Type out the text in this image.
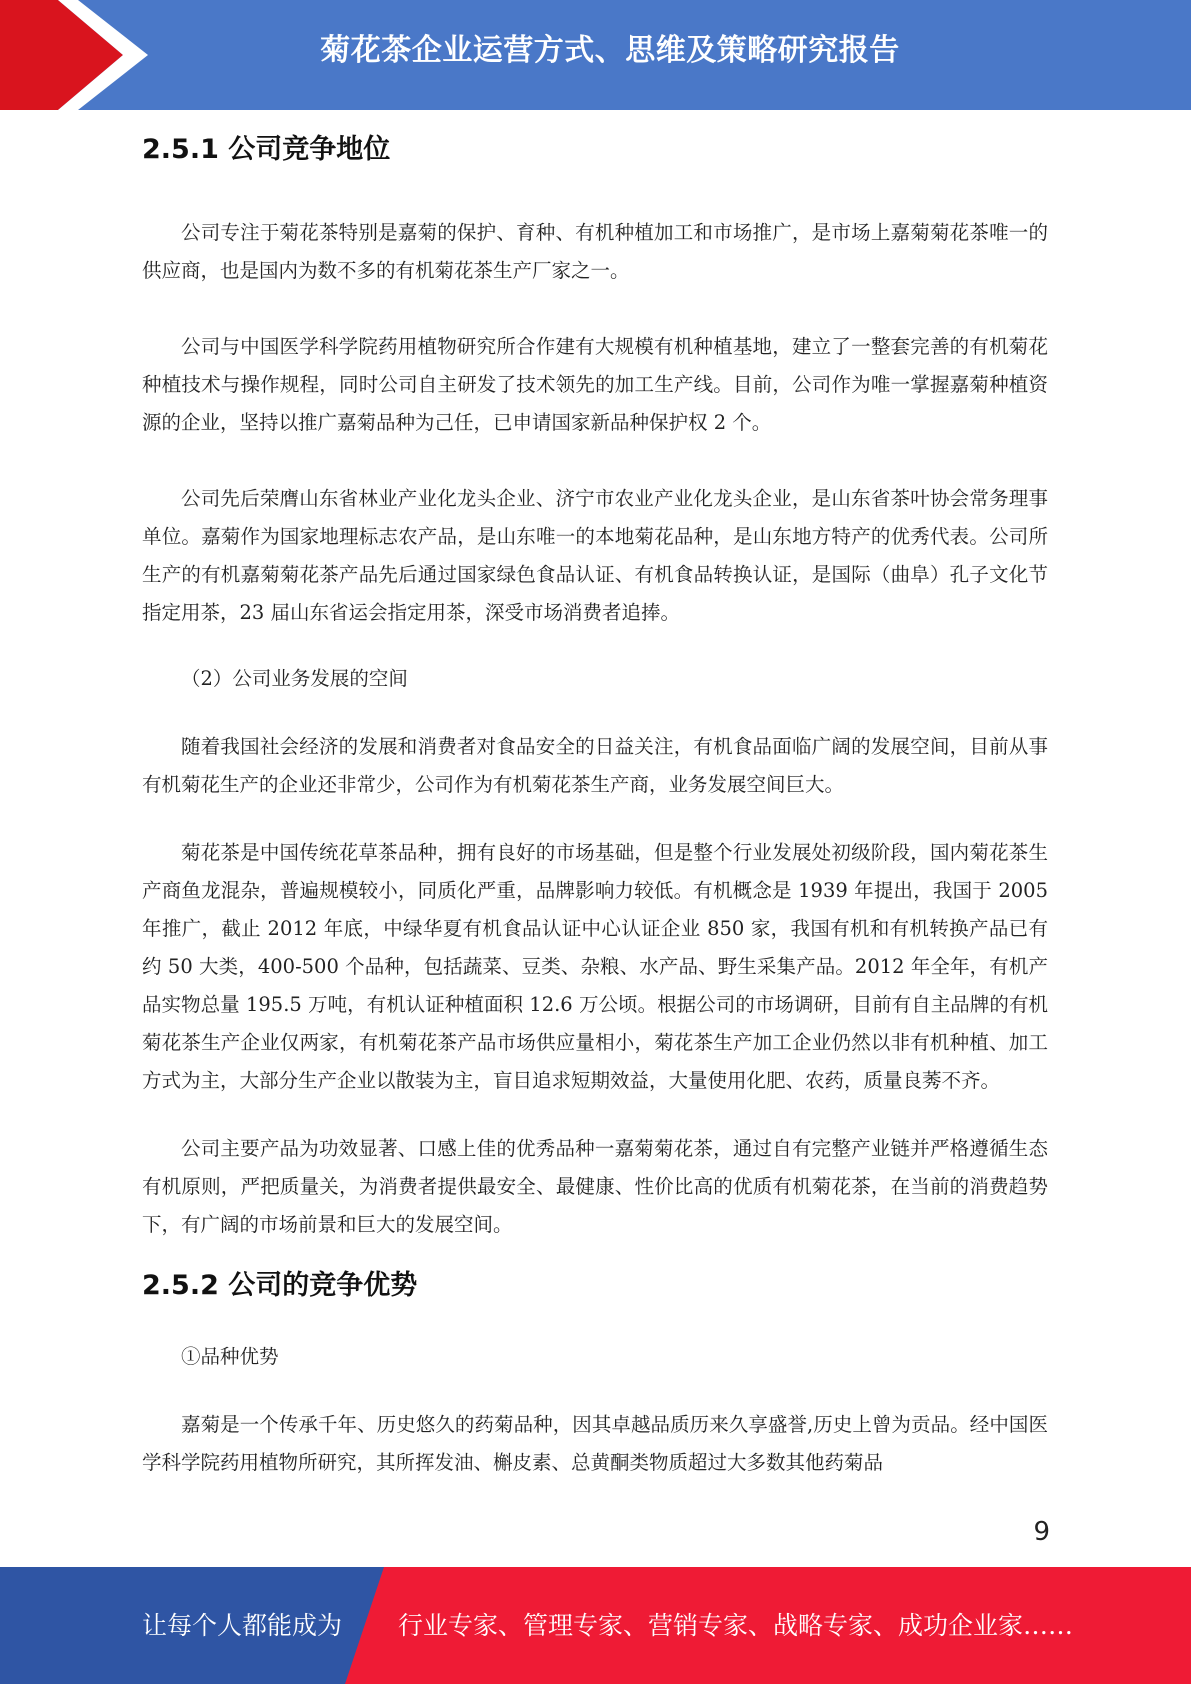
菊花茶企业运营方式、思维及策略研究报告
2.5.1 公司竞争地位

公司专注于菊花茶特别是嘉菊的保护、育种、有机种植加工和市场推广，是市场上嘉菊菊花茶唯一的供应商，也是国内为数不多的有机菊花茶生产厂家之一。

公司与中国医学科学院药用植物研究所合作建有大规模有机种植基地，建立了一整套完善的有机菊花种植技术与操作规程，同时公司自主研发了技术领先的加工生产线。目前，公司作为唯一掌握嘉菊种植资源的企业，坚持以推广嘉菊品种为己任，已申请国家新品种保护权 2 个。

公司先后荣膺山东省林业产业化龙头企业、济宁市农业产业化龙头企业，是山东省茶叶协会常务理事单位。嘉菊作为国家地理标志农产品，是山东唯一的本地菊花品种，是山东地方特产的优秀代表。公司所生产的有机嘉菊菊花茶产品先后通过国家绿色食品认证、有机食品转换认证，是国际（曲阜）孔子文化节指定用茶，23 届山东省运会指定用茶，深受市场消费者追捧。

（2）公司业务发展的空间

随着我国社会经济的发展和消费者对食品安全的日益关注，有机食品面临广阔的发展空间，目前从事有机菊花生产的企业还非常少，公司作为有机菊花茶生产商，业务发展空间巨大。

菊花茶是中国传统花草茶品种，拥有良好的市场基础，但是整个行业发展处初级阶段，国内菊花茶生产商鱼龙混杂，普遍规模较小，同质化严重，品牌影响力较低。有机概念是 1939 年提出，我国于 2005 年推广，截止 2012 年底，中绿华夏有机食品认证中心认证企业 850 家，我国有机和有机转换产品已有约 50 大类，400-500 个品种，包括蔬菜、豆类、杂粮、水产品、野生采集产品。2012 年全年，有机产品实物总量 195.5 万吨，有机认证种植面积 12.6 万公顷。根据公司的市场调研，目前有自主品牌的有机菊花茶生产企业仅两家，有机菊花茶产品市场供应量相小，菊花茶生产加工企业仍然以非有机种植、加工方式为主，大部分生产企业以散装为主，盲目追求短期效益，大量使用化肥、农药，质量良莠不齐。

公司主要产品为功效显著、口感上佳的优秀品种一嘉菊菊花茶，通过自有完整产业链并严格遵循生态有机原则，严把质量关，为消费者提供最安全、最健康、性价比高的优质有机菊花茶，在当前的消费趋势下，有广阔的市场前景和巨大的发展空间。

2.5.2 公司的竞争优势

①品种优势

嘉菊是一个传承千年、历史悠久的药菊品种，因其卓越品质历来久享盛誉,历史上曾为贡品。经中国医学科学院药用植物所研究，其所挥发油、槲皮素、总黄酮类物质超过大多数其他药菊品

9
让每个人都能成为 行业专家、管理专家、营销专家、战略专家、成功企业家……
